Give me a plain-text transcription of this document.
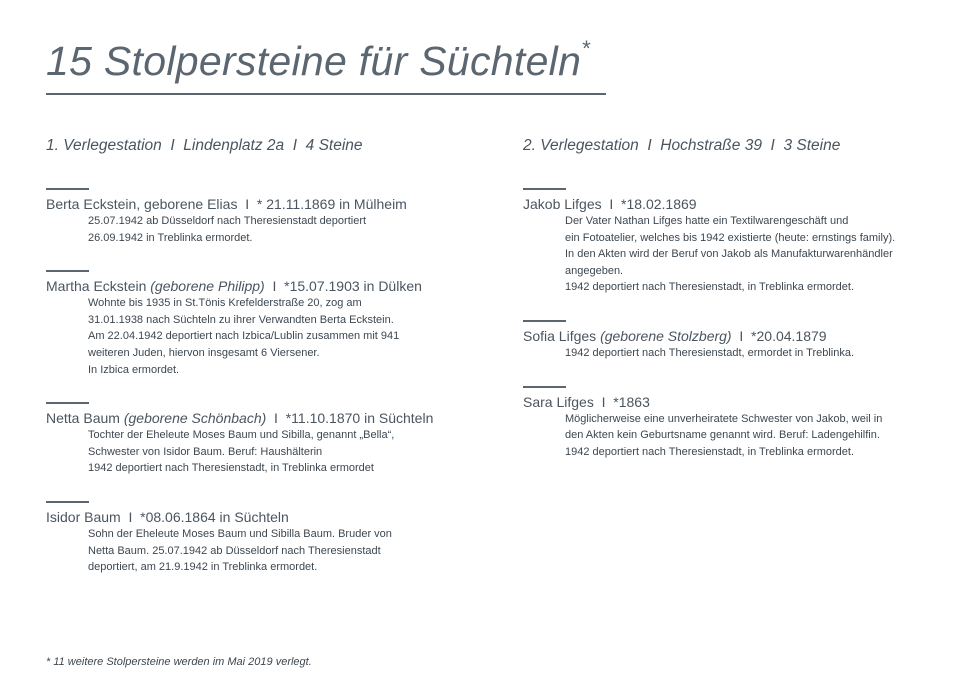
15 Stolpersteine für Süchteln*
1. Verlegestation  I  Lindenplatz 2a  I  4 Steine
Berta Eckstein, geborene Elias  I  * 21.11.1869 in Mülheim
25.07.1942 ab Düsseldorf nach Theresienstadt deportiert
26.09.1942 in Treblinka ermordet.
Martha Eckstein (geborene Philipp)  I  *15.07.1903 in Dülken
Wohnte bis 1935 in St.Tönis Krefelderstraße 20, zog am
31.01.1938 nach Süchteln zu ihrer Verwandten Berta Eckstein.
Am 22.04.1942 deportiert nach Izbica/Lublin zusammen mit 941
weiteren Juden, hiervon insgesamt 6 Viersener.
In Izbica ermordet.
Netta Baum (geborene Schönbach)  I  *11.10.1870 in Süchteln
Tochter der Eheleute Moses Baum und Sibilla, genannt „Bella“,
Schwester von Isidor Baum. Beruf: Haushälterin
1942 deportiert nach Theresienstadt, in Treblinka ermordet
Isidor Baum  I  *08.06.1864 in Süchteln
Sohn der Eheleute Moses Baum und Sibilla Baum. Bruder von
Netta Baum. 25.07.1942 ab Düsseldorf nach Theresienstadt
deportiert, am 21.9.1942 in Treblinka ermordet.
2. Verlegestation  I  Hochstraße 39  I  3 Steine
Jakob Lifges  I  *18.02.1869
Der Vater Nathan Lifges hatte ein Textilwarengeschäft und
ein Fotoatelier, welches bis 1942 existierte (heute: ernstings family).
In den Akten wird der Beruf von Jakob als Manufakturwarenhändler
angegeben.
1942 deportiert nach Theresienstadt, in Treblinka ermordet.
Sofia Lifges (geborene Stolzberg)  I  *20.04.1879
1942 deportiert nach Theresienstadt, ermordet in Treblinka.
Sara Lifges  I  *1863
Möglicherweise eine unverheiratete Schwester von Jakob, weil in
den Akten kein Geburtsname genannt wird. Beruf: Ladengehilfin.
1942 deportiert nach Theresienstadt, in Treblinka ermordet.
* 11 weitere Stolpersteine werden im Mai 2019 verlegt.
